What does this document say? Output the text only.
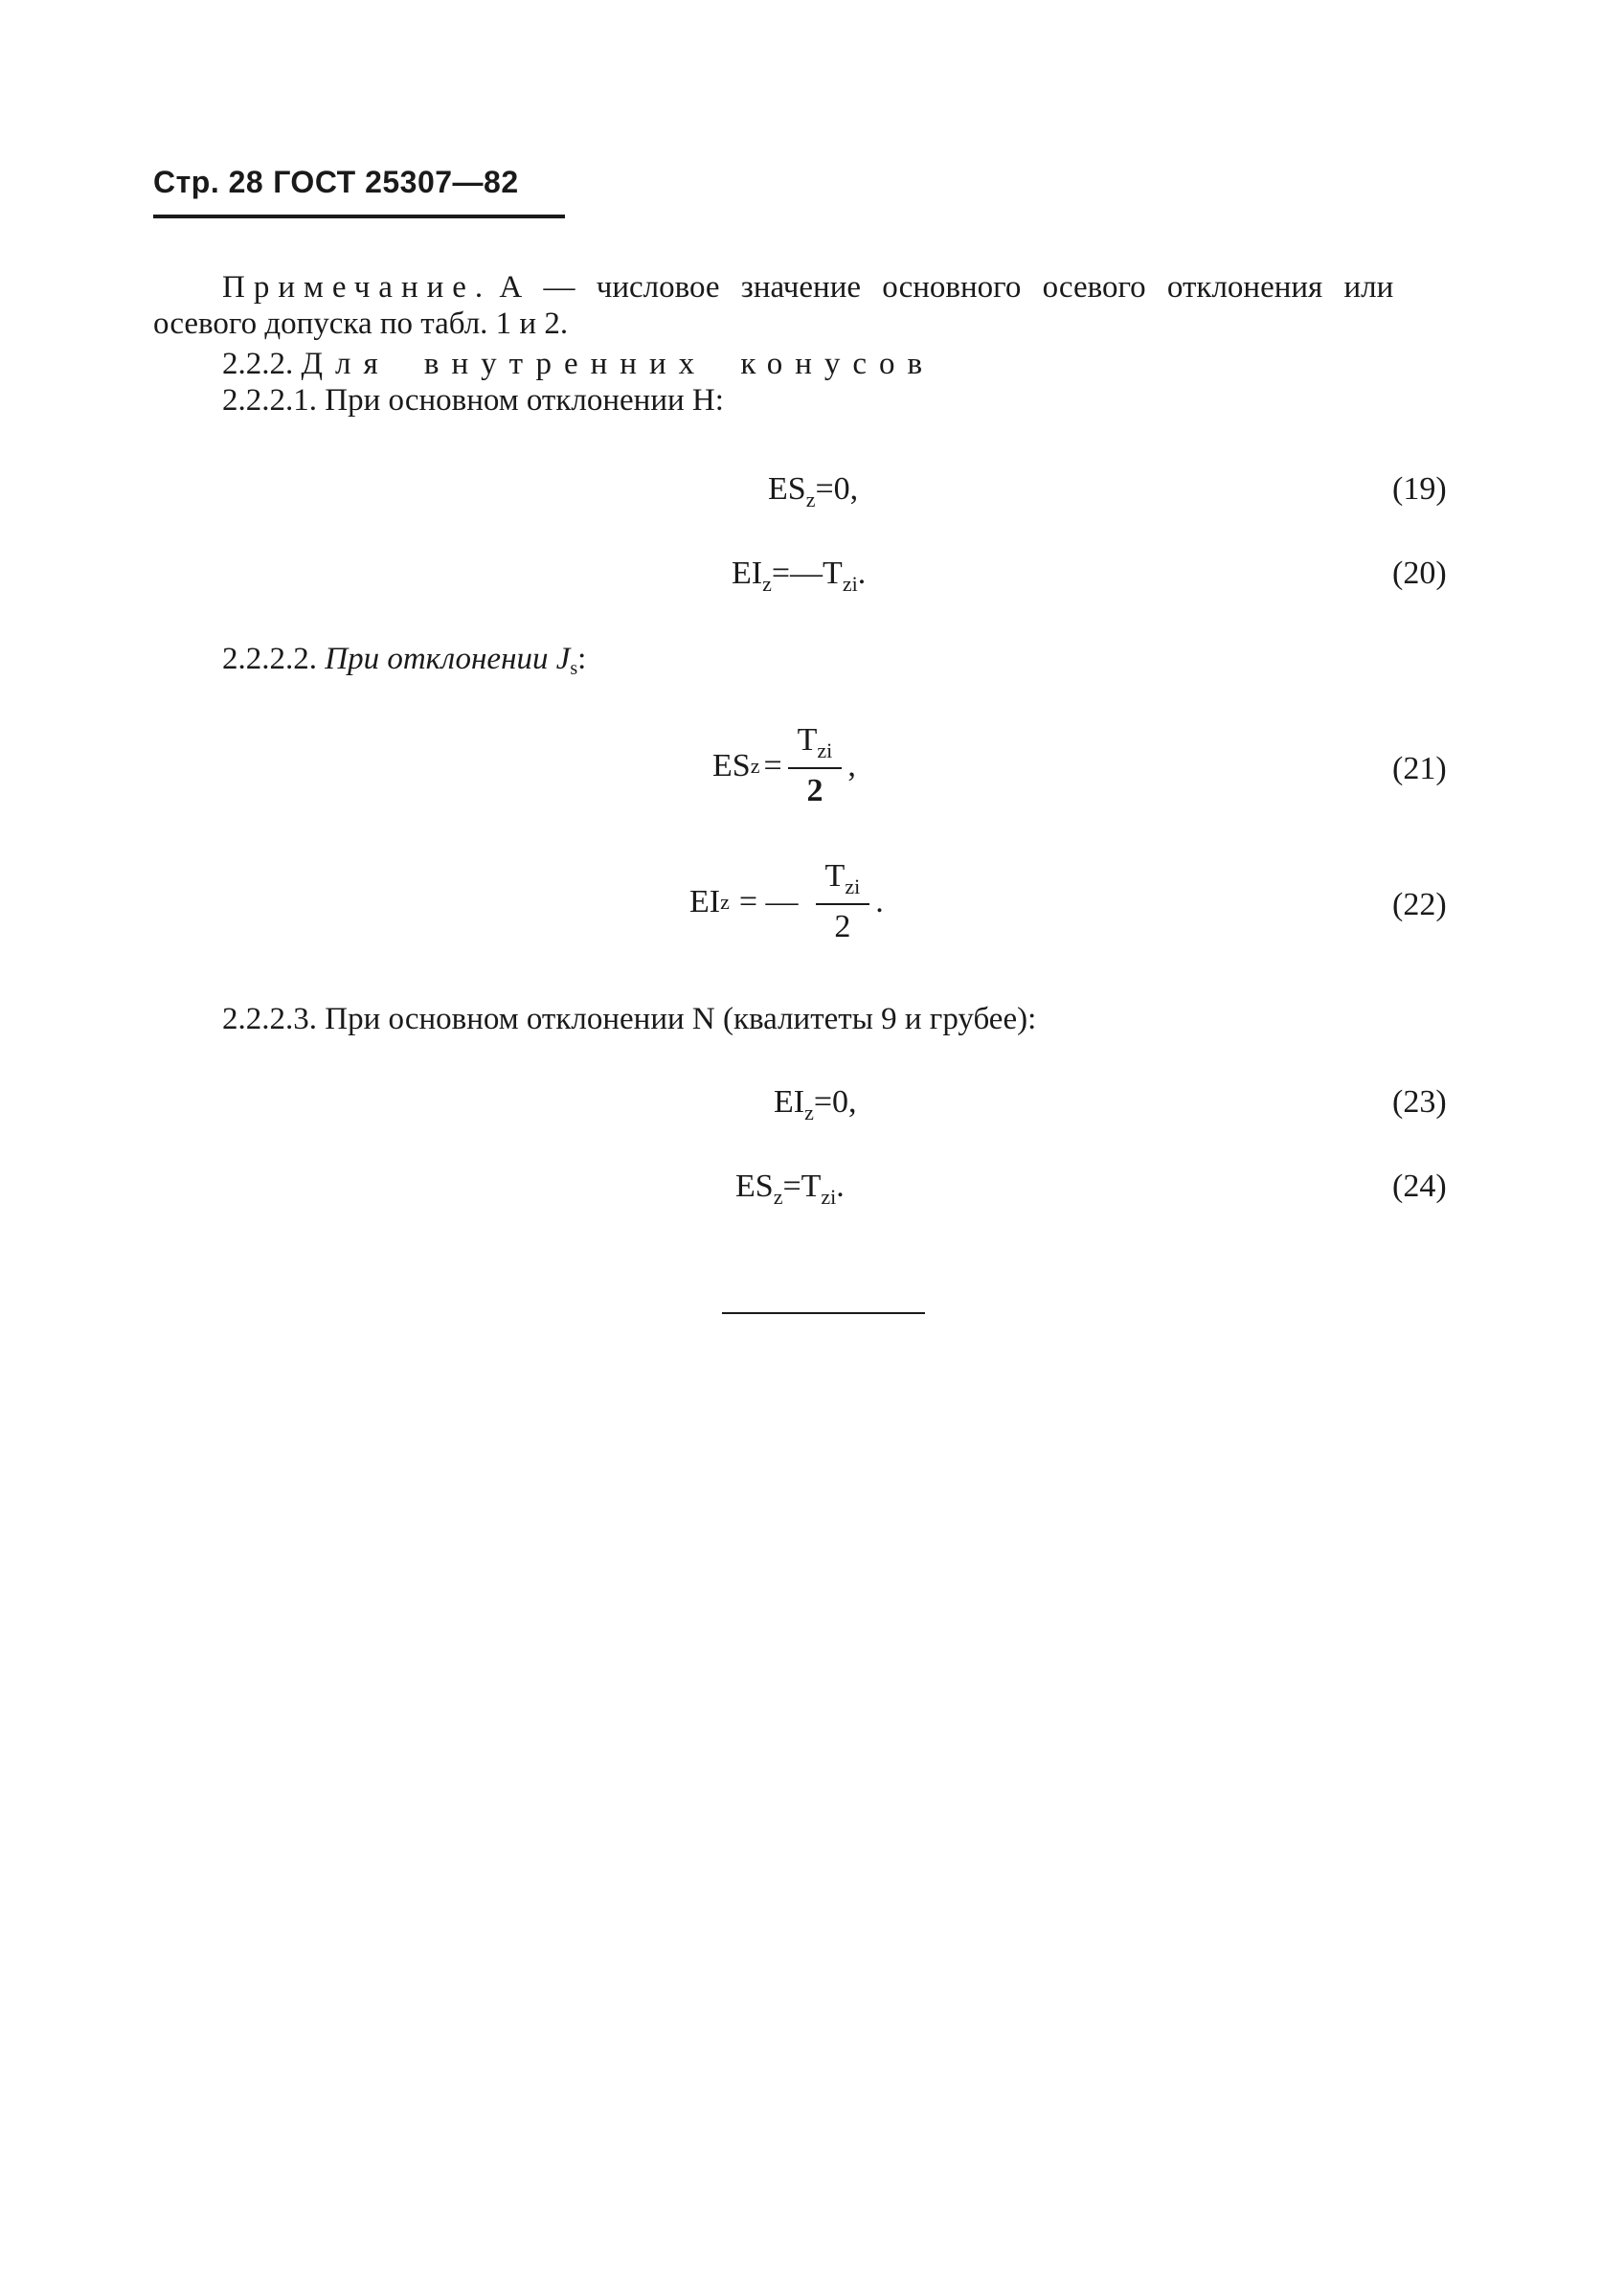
Стр. 28 ГОСТ 25307—82
Примечание. А — числовое значение основного осевого отклонения или
осевого допуска по табл. 1 и 2.
2.2.2. Для внутренних конусов
2.2.2.1. При основном отклонении H:
$ES_z=0$,	(19)
$EI_z=—T_{zi}$.	(20)
2.2.2.2. При отклонении $J_s$:
ES $z = \frac{T_{zi}}{2}$ ,	(21)
EI z = — $\frac{T_{zi}}{2}$ .	(22)
2.2.2.3. При основном отклонении N (квалитеты 9 и грубее):
$EI_z=0$,	(23)
$ES_z=T_{zi}$.	(24)
